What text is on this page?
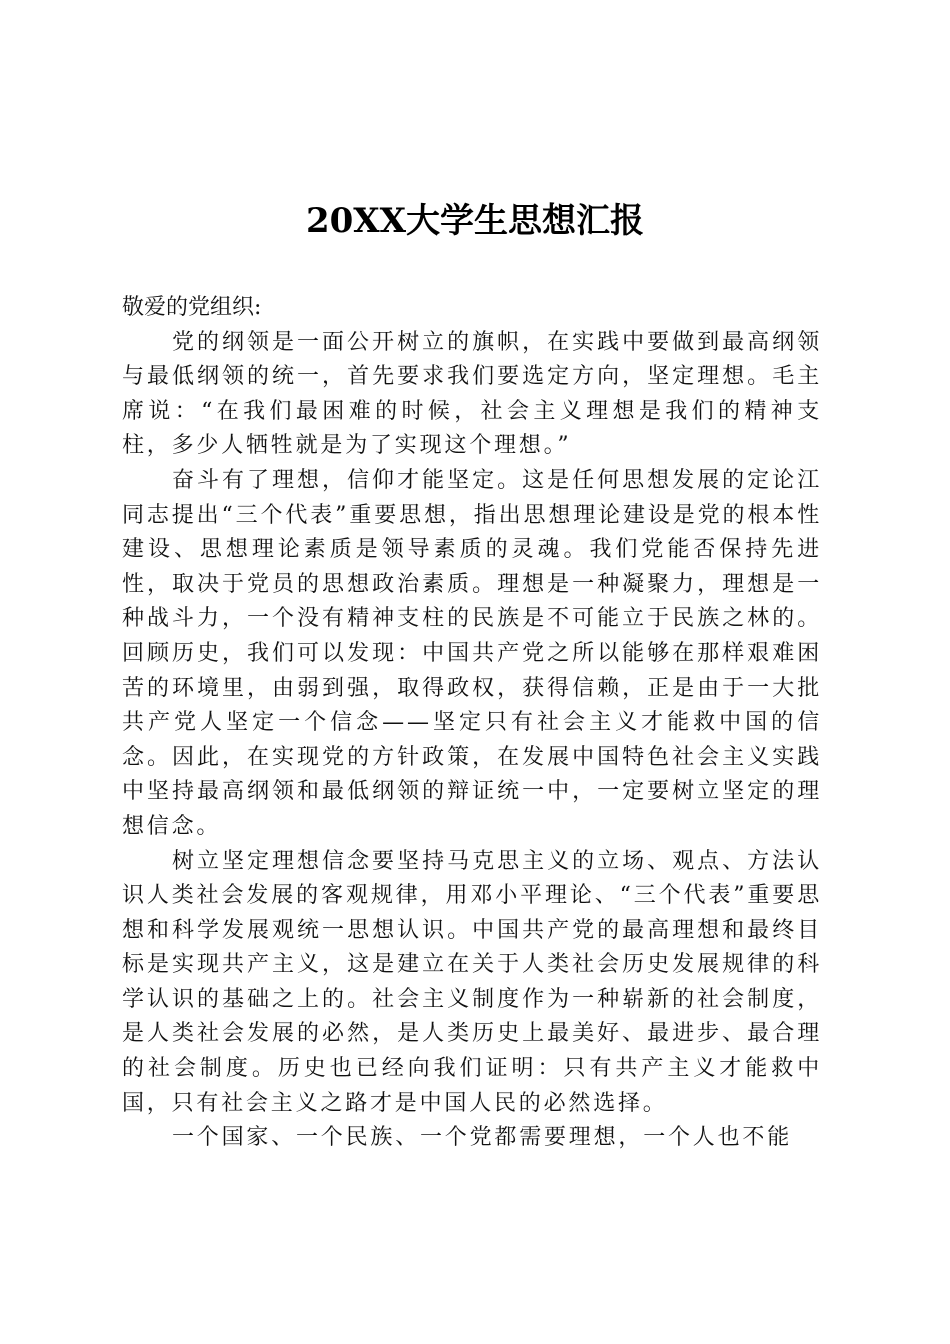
20XX大学生思想汇报

敬爱的党组织:

党的纲领是一面公开树立的旗帜，在实践中要做到最高纲领与最低纲领的统一，首先要求我们要选定方向，坚定理想。毛主席说：“在我们最困难的时候，社会主义理想是我们的精神支柱，多少人牺牲就是为了实现这个理想。”

奋斗有了理想，信仰才能坚定。这是任何思想发展的定论江同志提出“三个代表”重要思想，指出思想理论建设是党的根本性建设、思想理论素质是领导素质的灵魂。我们党能否保持先进性，取决于党员的思想政治素质。理想是一种凝聚力，理想是一种战斗力，一个没有精神支柱的民族是不可能立于民族之林的。回顾历史，我们可以发现：中国共产党之所以能够在那样艰难困苦的环境里，由弱到强，取得政权，获得信赖，正是由于一大批共产党人坚定一个信念——坚定只有社会主义才能救中国的信念。因此，在实现党的方针政策，在发展中国特色社会主义实践中坚持最高纲领和最低纲领的辩证统一中，一定要树立坚定的理想信念。

树立坚定理想信念要坚持马克思主义的立场、观点、方法认识人类社会发展的客观规律，用邓小平理论、“三个代表”重要思想和科学发展观统一思想认识。中国共产党的最高理想和最终目标是实现共产主义，这是建立在关于人类社会历史发展规律的科学认识的基础之上的。社会主义制度作为一种崭新的社会制度，是人类社会发展的必然，是人类历史上最美好、最进步、最合理的社会制度。历史也已经向我们证明：只有共产主义才能救中国，只有社会主义之路才是中国人民的必然选择。

一个国家、一个民族、一个党都需要理想，一个人也不能
